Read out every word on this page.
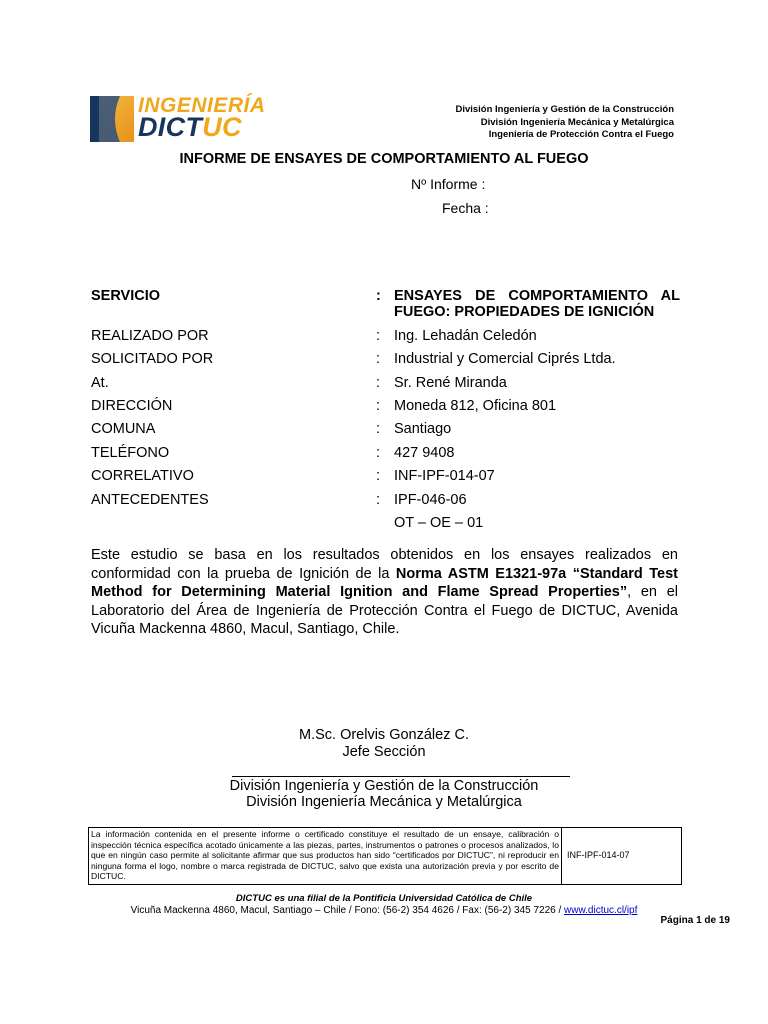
INGENIERÍA
DICTUC
División Ingeniería y Gestión de la Construcción
División Ingeniería Mecánica y Metalúrgica
Ingeniería de Protección Contra el Fuego
INFORME DE ENSAYES DE COMPORTAMIENTO AL FUEGO
Nº Informe :
Fecha :
SERVICIO	: ENSAYES DE COMPORTAMIENTO AL
FUEGO: PROPIEDADES DE IGNICIÓN
REALIZADO POR	: Ing. Lehadán Celedón
SOLICITADO POR	: Industrial y Comercial Ciprés Ltda.
At.	: Sr. René Miranda
DIRECCIÓN	: Moneda 812, Oficina 801
COMUNA	: Santiago
TELÉFONO	: 427 9408
CORRELATIVO	: INF-IPF-014-07
ANTECEDENTES	: IPF-046-06
OT – OE – 01
Este estudio se basa en los resultados obtenidos en los ensayes realizados en conformidad con la prueba de Ignición de la Norma ASTM E1321-97a “Standard Test Method for Determining Material Ignition and Flame Spread Properties”, en el Laboratorio del Área de Ingeniería de Protección Contra el Fuego de DICTUC, Avenida Vicuña Mackenna 4860, Macul, Santiago, Chile.
M.Sc. Orelvis González C.
Jefe Sección
División Ingeniería y Gestión de la Construcción
División Ingeniería Mecánica y Metalúrgica
La información contenida en el presente informe o certificado constituye el resultado de un ensaye, calibración o inspección técnica específica acotado únicamente a las piezas, partes, instrumentos o patrones o procesos analizados, lo que en ningún caso permite al solicitante afirmar que sus productos han sido “certificados por DICTUC”, ni reproducir en ninguna forma el logo, nombre o marca registrada de DICTUC, salvo que exista una autorización previa y por escrito de DICTUC.
INF-IPF-014-07
DICTUC es una filial de la Pontificia Universidad Católica de Chile
Vicuña Mackenna 4860, Macul, Santiago – Chile / Fono: (56-2) 354 4626 / Fax: (56-2) 345 7226 / www.dictuc.cl/ipf
Página 1 de 19
